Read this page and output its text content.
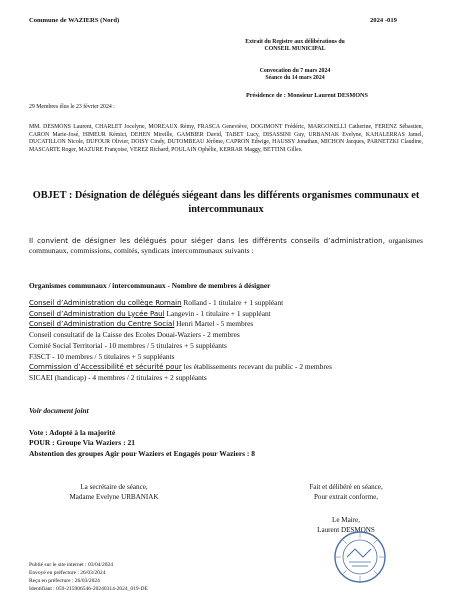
Commune de WAZIERS (Nord)	2024 -019
Extrait du Registre aux délibérations du
CONSEIL MUNICIPAL
Convocation du 7 mars 2024
Séance du 14 mars 2024
Présidence de : Monsieur Laurent DESMONS
29 Membres élus le 23 février 2024 :
MM. DESMONS Laurent, CHARLET Jocelyne, MOREAUX Rémy, FRASCA Geneviève, DOGIMONT Frédéric, MARGONELLI Catherine, FERENZ Sébastien, CARON Marie-José, HIMEUR Kémici, DEHEN Mireille, GAMBIER David, TABET Lucy, DISASSINI Guy, URBANIAK Evelyne, KAHALERRAS Jamel, DUCATILLON Nicole, DUFOUR Olivier, DOISY Cindy, DUTOMBEAU Jérôme, CAPRON Edwige, HAUSSY Jonathan, MICHON Jacques, PARNETZKI Claudine, MASCARTE Roger, MAZURE Françoise, VEREZ Richard, POULAIN Ophélie, KERRAR Maggy, BETTINI Gilles.
OBJET : Désignation de délégués siégeant dans les différents organismes communaux et intercommunaux
Il convient de désigner les délégués pour siéger dans les différents conseils d’administration, organismes communaux, commissions, comités, syndicats intercommunaux suivants :
Organismes communaux / intercommunaux - Nombre de membres à désigner
Conseil d’Administration du collège Romain Rolland - 1 titulaire + 1 suppléant
Conseil d’Administration du Lycée Paul Langevin - 1 titulaire + 1 suppléant
Conseil d’Administration du Centre Social Henri Martel - 5 membres
Conseil consultatif de la Caisse des Ecoles Douai-Waziers - 2 membres
Comité Social Territorial - 10 membres / 5 titulaires + 5 suppléants
F3SCT - 10 membres / 5 titulaires + 5 suppléants
Commission d’Accessibilité et sécurité pour les établissements recevant du public - 2 membres
SICAEI (handicap) - 4 membres / 2 titulaires + 2 suppléants
Voir document joint
Vote : Adopté à la majorité
POUR : Groupe Via Waziers : 21
Abstention des groupes Agir pour Waziers et Engagés pour Waziers : 8
La secrétaire de séance,
Madame Evelyne URBANIAK
Fait et délibéré en séance,
Pour extrait conforme,
Le Maire,
Laurent DESMONS
Publié sur le site internet : 03/04/2024
Envoyé en préfecture : 26/03/2024
Reçu en préfecture : 26/03/2024
Identifiant : 059-215906546-20240314-2024_019-DE
